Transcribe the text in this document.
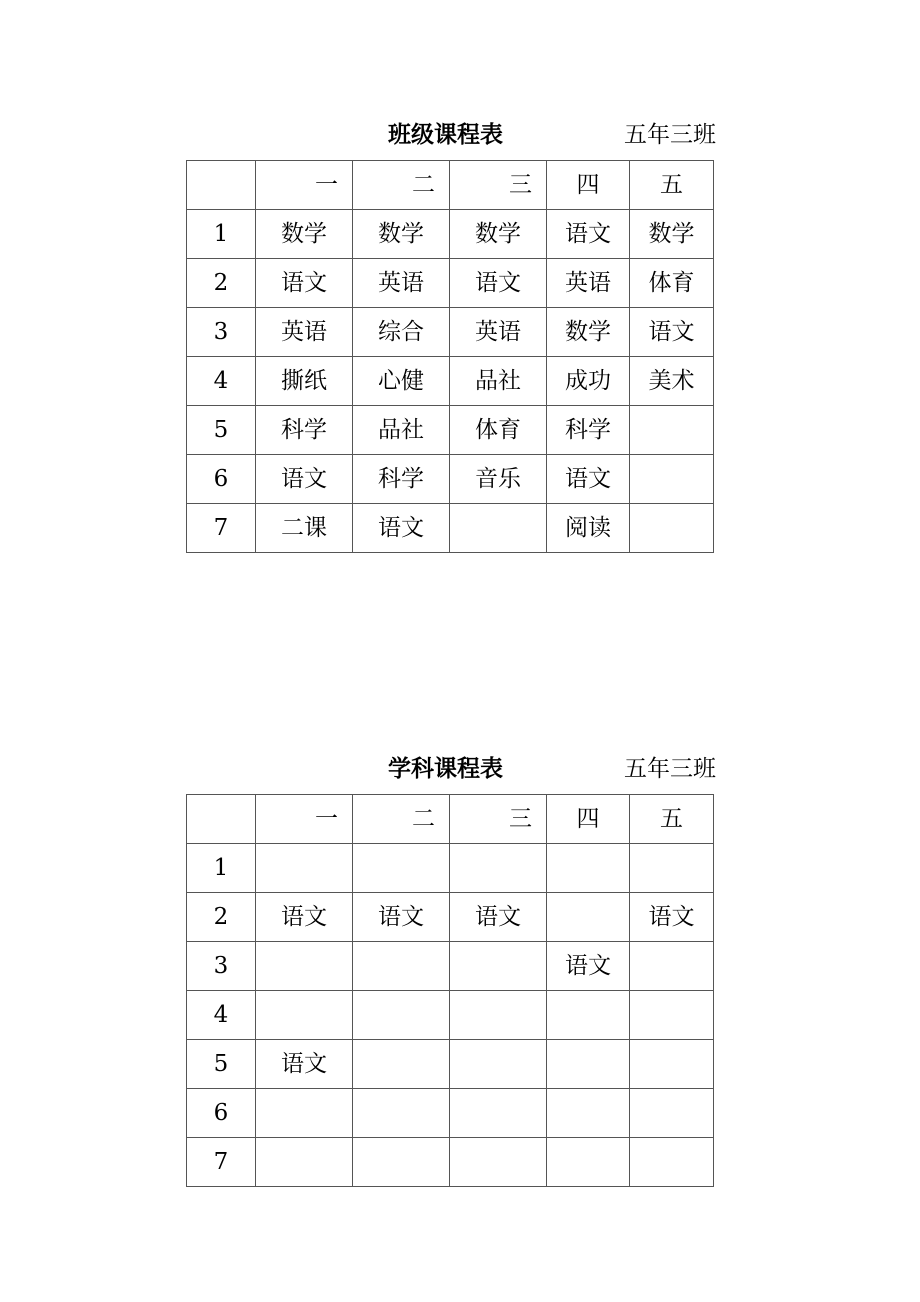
班级课程表	五年三班
	一	二	三	四	五
1	数学	数学	数学	语文	数学
2	语文	英语	语文	英语	体育
3	英语	综合	英语	数学	语文
4	撕纸	心健	品社	成功	美术
5	科学	品社	体育	科学	
6	语文	科学	音乐	语文	
7	二课	语文		阅读	
学科课程表	五年三班
	一	二	三	四	五
1					
2	语文	语文	语文		语文
3				语文	
4					
5	语文				
6					
7					
